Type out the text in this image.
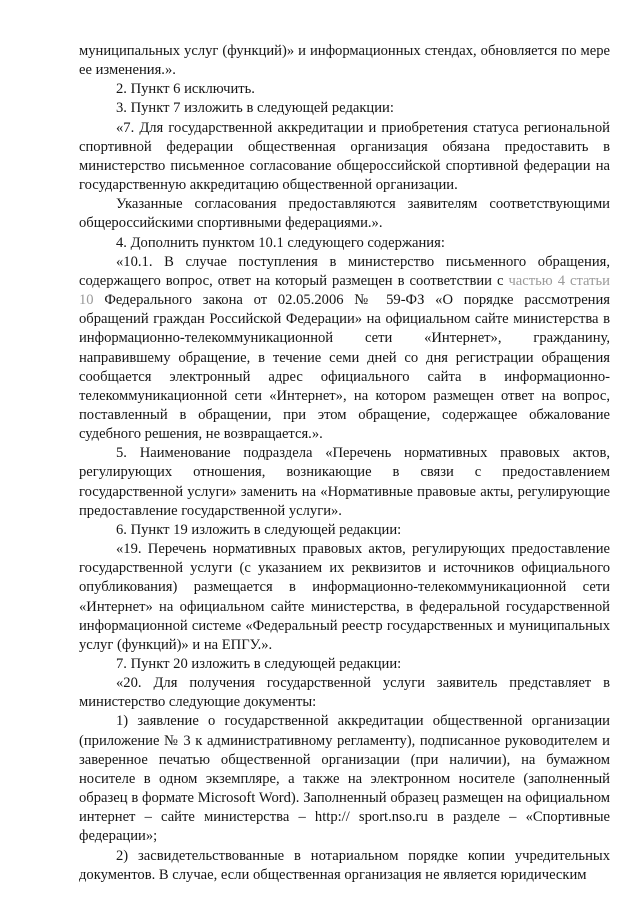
муниципальных услуг (функций)» и информационных стендах, обновляется по мере ее изменения.».

2. Пункт 6 исключить.

3. Пункт 7 изложить в следующей редакции:

«7. Для государственной аккредитации и приобретения статуса региональной спортивной федерации общественная организация обязана предоставить в министерство письменное согласование общероссийской спортивной федерации на государственную аккредитацию общественной организации.

Указанные согласования предоставляются заявителям соответствующими общероссийскими спортивными федерациями.».

4. Дополнить пунктом 10.1 следующего содержания:

«10.1. В случае поступления в министерство письменного обращения, содержащего вопрос, ответ на который размещен в соответствии с частью 4 статьи 10 Федерального закона от 02.05.2006 № 59-ФЗ «О порядке рассмотрения обращений граждан Российской Федерации» на официальном сайте министерства в информационно-телекоммуникационной сети «Интернет», гражданину, направившему обращение, в течение семи дней со дня регистрации обращения сообщается электронный адрес официального сайта в информационно-телекоммуникационной сети «Интернет», на котором размещен ответ на вопрос, поставленный в обращении, при этом обращение, содержащее обжалование судебного решения, не возвращается.».

5. Наименование подраздела «Перечень нормативных правовых актов, регулирующих отношения, возникающие в связи с предоставлением государственной услуги» заменить на «Нормативные правовые акты, регулирующие предоставление государственной услуги».

6. Пункт 19 изложить в следующей редакции:

«19. Перечень нормативных правовых актов, регулирующих предоставление государственной услуги (с указанием их реквизитов и источников официального опубликования) размещается в информационно-телекоммуникационной сети «Интернет» на официальном сайте министерства, в федеральной государственной информационной системе «Федеральный реестр государственных и муниципальных услуг (функций)» и на ЕПГУ.».

7. Пункт 20 изложить в следующей редакции:

«20. Для получения государственной услуги заявитель представляет в министерство следующие документы:

1) заявление о государственной аккредитации общественной организации (приложение № 3 к административному регламенту), подписанное руководителем и заверенное печатью общественной организации (при наличии), на бумажном носителе в одном экземпляре, а также на электронном носителе (заполненный образец в формате Microsoft Word). Заполненный образец размещен на официальном интернет – сайте министерства – http:// sport.nso.ru в разделе – «Спортивные федерации»;

2) засвидетельствованные в нотариальном порядке копии учредительных документов. В случае, если общественная организация не является юридическим
